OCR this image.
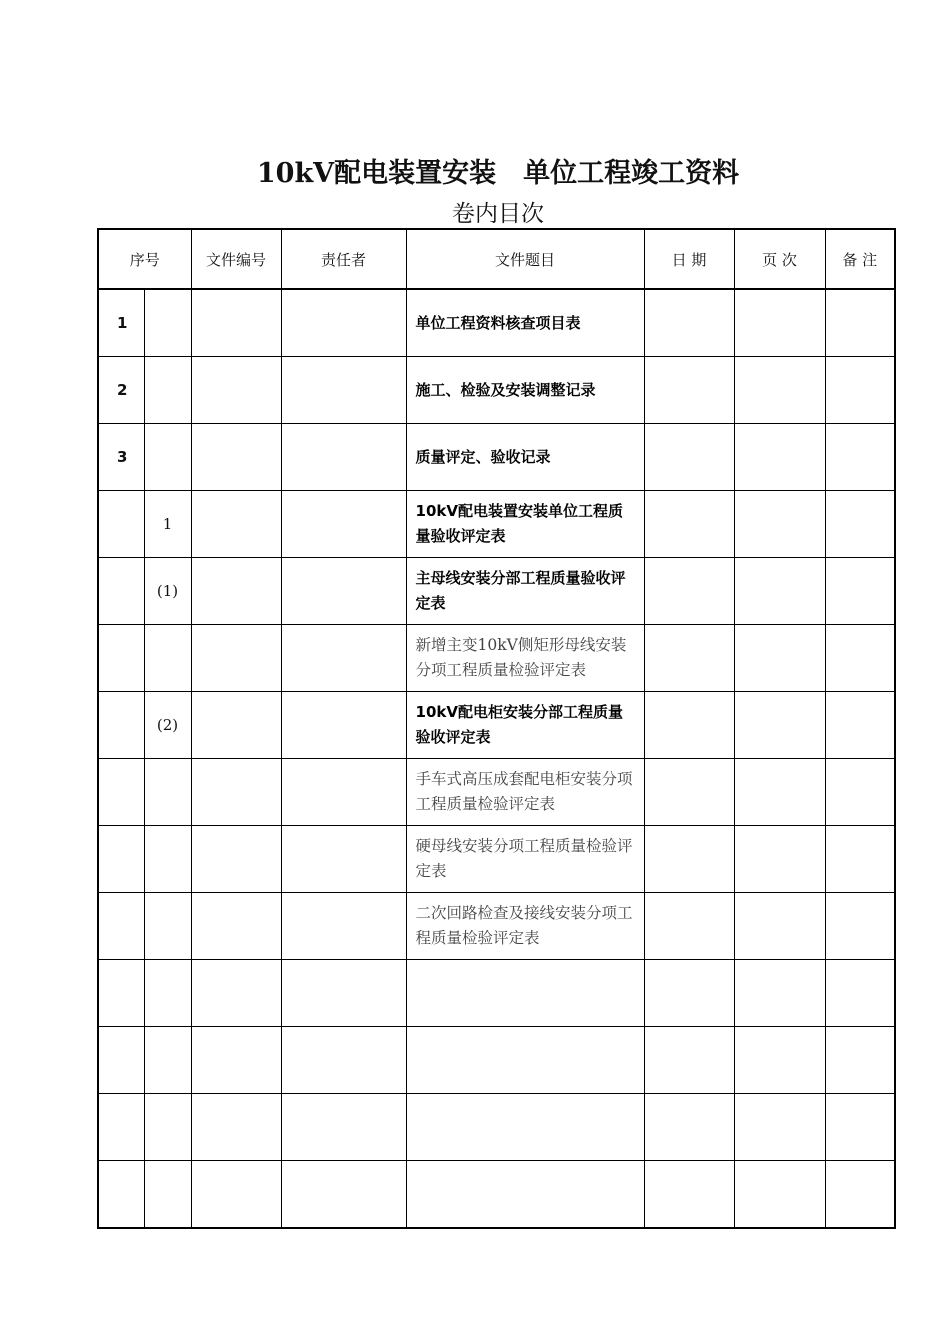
10kV配电装置安装　单位工程竣工资料
卷内目次
序号		文件编号	责任者	文件题目	日 期	页 次	备 注
1				单位工程资料核查项目表			
2				施工、检验及安装调整记录			
3				质量评定、验收记录			
	1			10kV配电装置安装单位工程质量验收评定表			
	(1)			主母线安装分部工程质量验收评定表			
				新增主变10kV侧矩形母线安装分项工程质量检验评定表			
	(2)			10kV配电柜安装分部工程质量验收评定表			
				手车式高压成套配电柜安装分项工程质量检验评定表			
				硬母线安装分项工程质量检验评定表			
				二次回路检查及接线安装分项工程质量检验评定表			
